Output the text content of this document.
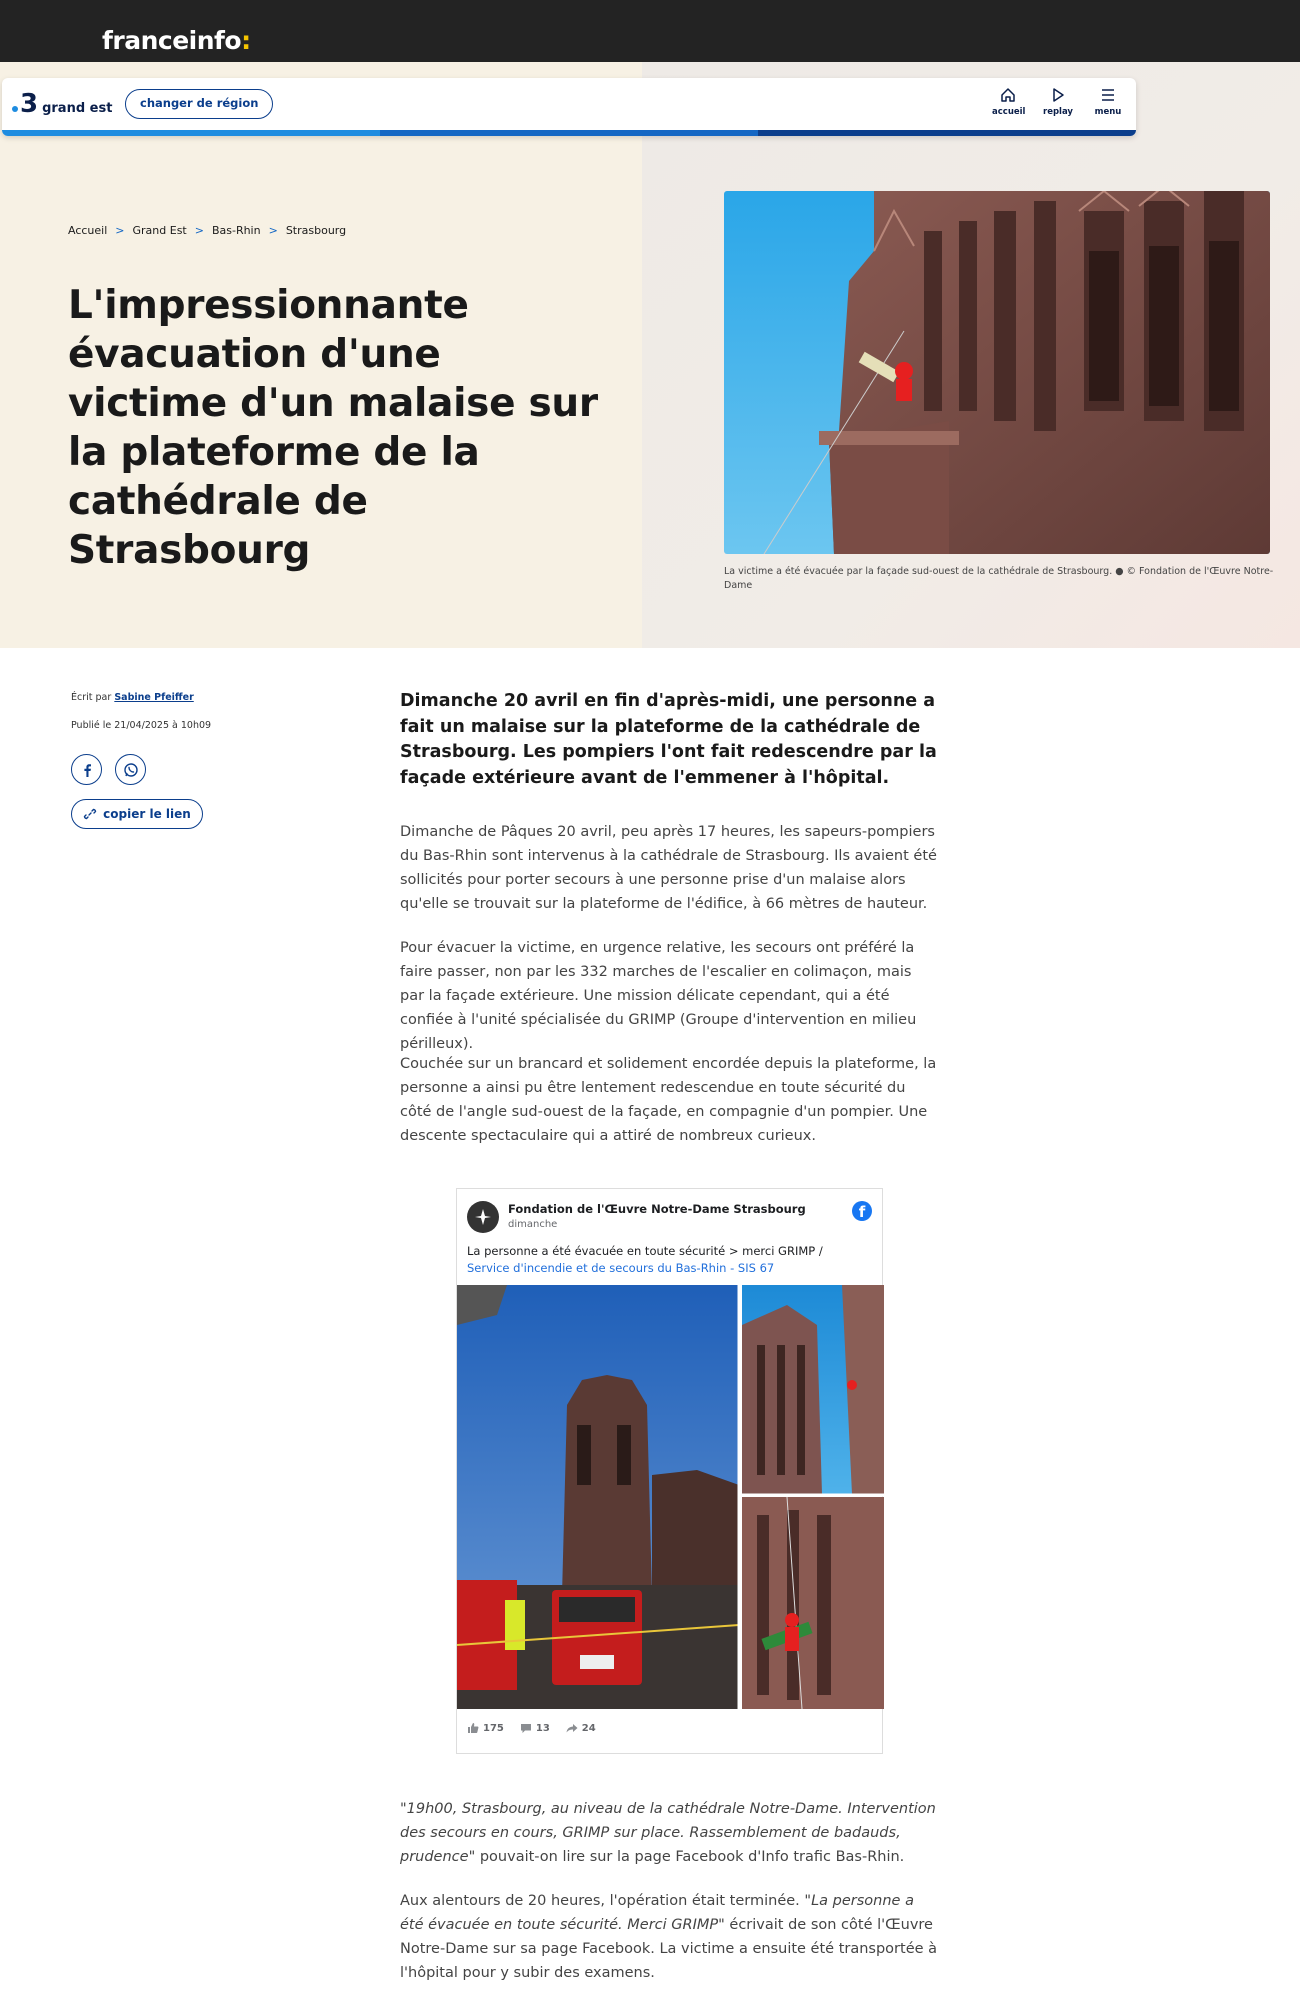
franceinfo:
3 grand est	changer de région
accueil replay	menu
Accueil > Grand Est > Bas-Rhin > Strasbourg
L'impressionnante évacuation d'une victime d'un malaise sur la plateforme de la cathédrale de Strasbourg	La victime a été évacuée par la façade sud-ouest de la cathédrale de Strasbourg. ● © Fondation de l'Œuvre Notre-Dame
Écrit par Sabine Pfeiffer
Publié le 21/04/2025 à 10h09
copier le lien

Dimanche 20 avril en fin d'après-midi, une personne a fait un malaise sur la plateforme de la cathédrale de Strasbourg. Les pompiers l'ont fait redescendre par la façade extérieure avant de l'emmener à l'hôpital.

Dimanche de Pâques 20 avril, peu après 17 heures, les sapeurs-pompiers du Bas-Rhin sont intervenus à la cathédrale de Strasbourg. Ils avaient été sollicités pour porter secours à une personne prise d'un malaise alors qu'elle se trouvait sur la plateforme de l'édifice, à 66 mètres de hauteur.

Pour évacuer la victime, en urgence relative, les secours ont préféré la faire passer, non par les 332 marches de l'escalier en colimaçon, mais par la façade extérieure. Une mission délicate cependant, qui a été confiée à l'unité spécialisée du GRIMP (Groupe d'intervention en milieu périlleux).

Couchée sur un brancard et solidement encordée depuis la plateforme, la personne a ainsi pu être lentement redescendue en toute sécurité du côté de l'angle sud-ouest de la façade, en compagnie d'un pompier. Une descente spectaculaire qui a attiré de nombreux curieux.

Fondation de l'Œuvre Notre-Dame Strasbourg
dimanche
f
La personne a été évacuée en toute sécurité > merci GRIMP / Service d'incendie et de secours du Bas-Rhin - SIS 67
175	13	24

"19h00, Strasbourg, au niveau de la cathédrale Notre-Dame. Intervention des secours en cours, GRIMP sur place. Rassemblement de badauds, prudence" pouvait-on lire sur la page Facebook d'Info trafic Bas-Rhin.

Aux alentours de 20 heures, l'opération était terminée. "La personne a été évacuée en toute sécurité. Merci GRIMP" écrivait de son côté l'Œuvre Notre-Dame sur sa page Facebook. La victime a ensuite été transportée à l'hôpital pour y subir des examens.
